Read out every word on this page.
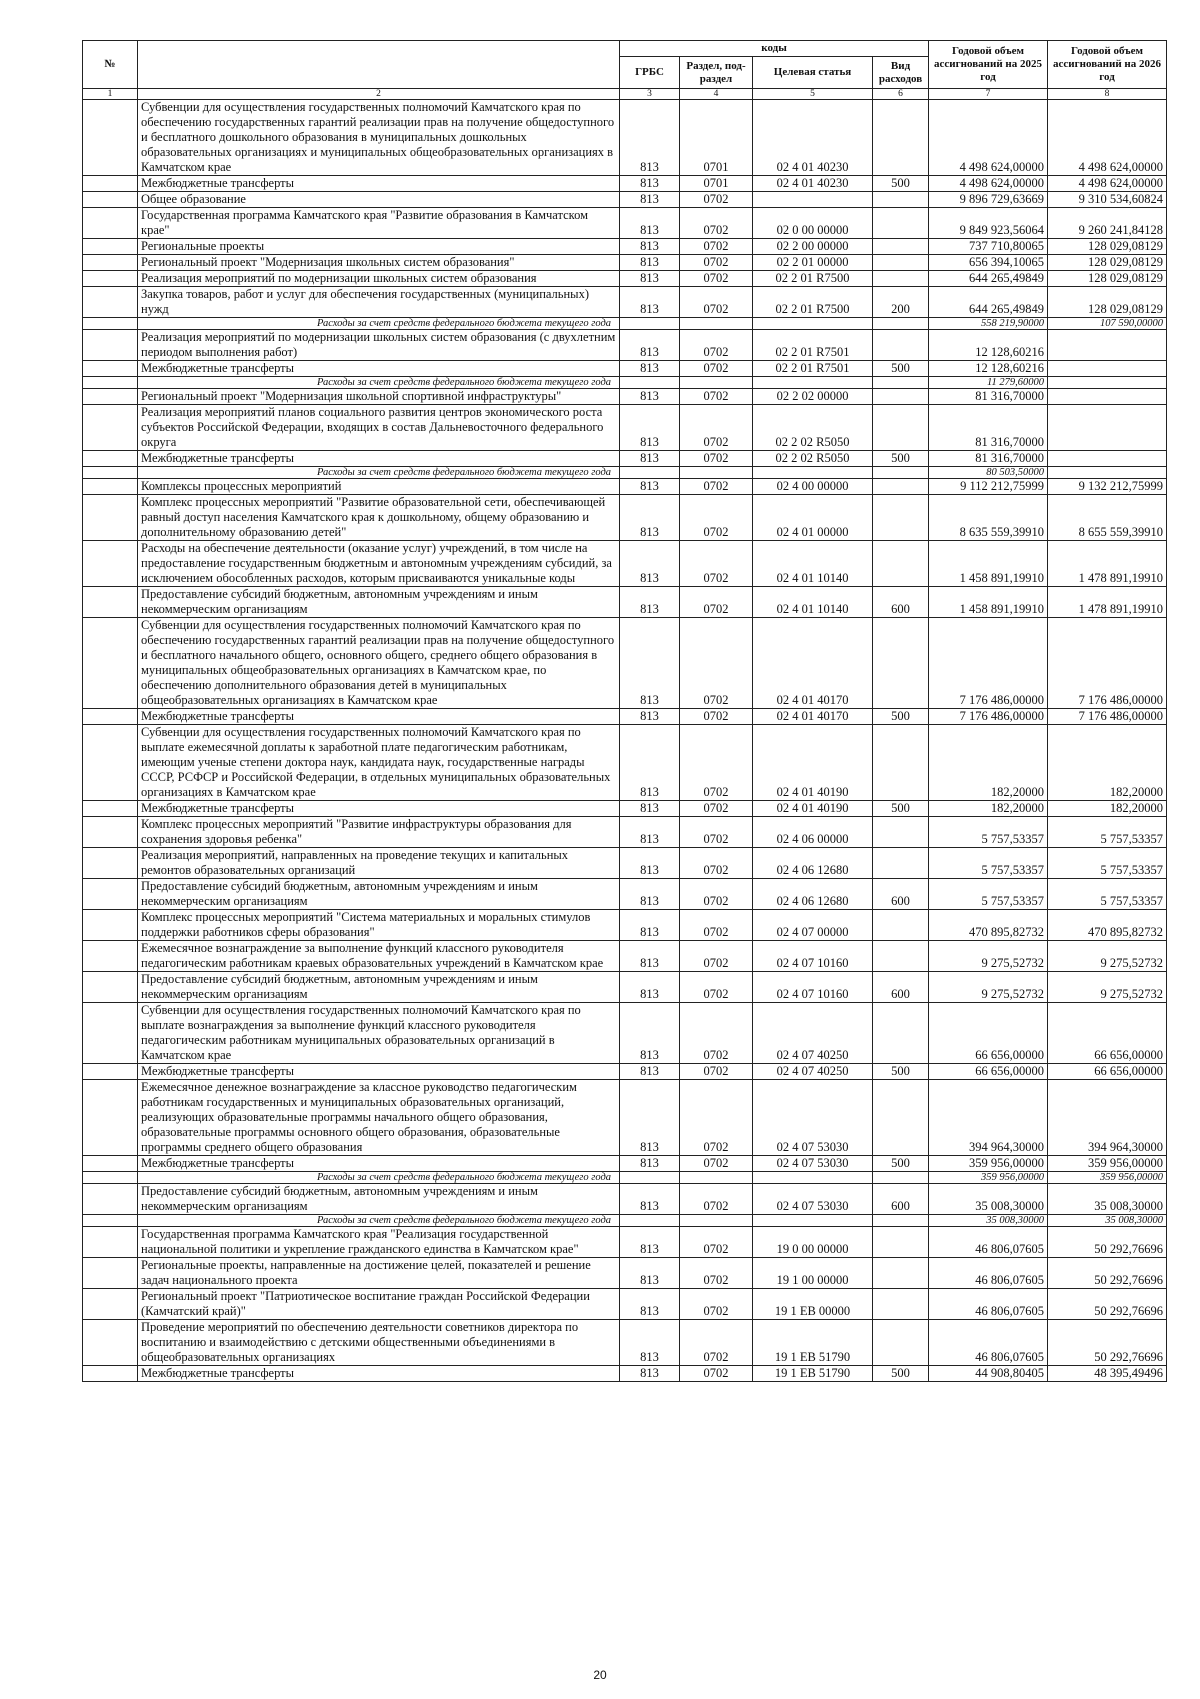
№		коды				Годовой объем ассигнований на 2025 год	Годовой объем ассигнований на 2026 год
		ГРБС	Раздел, под-раздел	Целевая статья	Вид расходов		
1	2	3	4	5	6	7	8
	Субвенции для осуществления государственных полномочий Камчатского края по обеспечению государственных гарантий реализации прав на получение общедоступного и бесплатного дошкольного образования в муниципальных дошкольных образовательных организациях и муниципальных общеобразовательных организациях в Камчатском крае	813	0701	02 4 01 40230		4 498 624,00000	4 498 624,00000
	Межбюджетные трансферты	813	0701	02 4 01 40230	500	4 498 624,00000	4 498 624,00000
	Общее образование	813	0702			9 896 729,63669	9 310 534,60824
	Государственная программа Камчатского края "Развитие образования в Камчатском крае"	813	0702	02 0 00 00000		9 849 923,56064	9 260 241,84128
	Региональные проекты	813	0702	02 2 00 00000		737 710,80065	128 029,08129
	Региональный проект "Модернизация школьных систем образования"	813	0702	02 2 01 00000		656 394,10065	128 029,08129
	Реализация мероприятий по модернизации школьных систем образования	813	0702	02 2 01 R7500		644 265,49849	128 029,08129
	Закупка товаров, работ и услуг для обеспечения государственных (муниципальных) нужд	813	0702	02 2 01 R7500	200	644 265,49849	128 029,08129
	Расходы за счет средств федерального бюджета текущего года					558 219,90000	107 590,00000
	Реализация мероприятий по модернизации школьных систем образования (с двухлетним периодом выполнения работ)	813	0702	02 2 01 R7501		12 128,60216	
	Межбюджетные трансферты	813	0702	02 2 01 R7501	500	12 128,60216	
	Расходы за счет средств федерального бюджета текущего года					11 279,60000	
	Региональный проект "Модернизация школьной спортивной инфраструктуры"	813	0702	02 2 02 00000		81 316,70000	
	Реализация мероприятий планов социального развития центров экономического роста субъектов Российской Федерации, входящих в состав Дальневосточного федерального округа	813	0702	02 2 02 R5050		81 316,70000	
	Межбюджетные трансферты	813	0702	02 2 02 R5050	500	81 316,70000	
	Расходы за счет средств федерального бюджета текущего года					80 503,50000	
	Комплексы процессных мероприятий	813	0702	02 4 00 00000		9 112 212,75999	9 132 212,75999
	Комплекс процессных мероприятий "Развитие образовательной сети, обеспечивающей равный доступ населения Камчатского края к дошкольному, общему образованию и дополнительному образованию детей"	813	0702	02 4 01 00000		8 635 559,39910	8 655 559,39910
	Расходы на обеспечение деятельности (оказание услуг) учреждений, в том числе на предоставление государственным бюджетным и автономным учреждениям субсидий, за исключением обособленных расходов, которым присваиваются уникальные коды	813	0702	02 4 01 10140		1 458 891,19910	1 478 891,19910
	Предоставление субсидий бюджетным, автономным учреждениям и иным некоммерческим организациям	813	0702	02 4 01 10140	600	1 458 891,19910	1 478 891,19910
	Субвенции для осуществления государственных полномочий Камчатского края по обеспечению государственных гарантий реализации прав на получение общедоступного и бесплатного начального общего, основного общего, среднего общего образования в муниципальных общеобразовательных организациях в Камчатском крае, по обеспечению дополнительного образования детей в муниципальных общеобразовательных организациях в Камчатском крае	813	0702	02 4 01 40170		7 176 486,00000	7 176 486,00000
	Межбюджетные трансферты	813	0702	02 4 01 40170	500	7 176 486,00000	7 176 486,00000
	Субвенции для осуществления государственных полномочий Камчатского края по выплате ежемесячной доплаты к заработной плате педагогическим работникам, имеющим ученые степени доктора наук, кандидата наук, государственные награды СССР, РСФСР и Российской Федерации, в отдельных муниципальных образовательных организациях в Камчатском крае	813	0702	02 4 01 40190		182,20000	182,20000
	Межбюджетные трансферты	813	0702	02 4 01 40190	500	182,20000	182,20000
	Комплекс процессных мероприятий "Развитие инфраструктуры образования для сохранения здоровья ребенка"	813	0702	02 4 06 00000		5 757,53357	5 757,53357
	Реализация мероприятий, направленных на проведение текущих и капитальных ремонтов образовательных организаций	813	0702	02 4 06 12680		5 757,53357	5 757,53357
	Предоставление субсидий бюджетным, автономным учреждениям и иным некоммерческим организациям	813	0702	02 4 06 12680	600	5 757,53357	5 757,53357
	Комплекс процессных мероприятий "Система материальных и моральных стимулов поддержки работников сферы образования"	813	0702	02 4 07 00000		470 895,82732	470 895,82732
	Ежемесячное вознаграждение за выполнение функций классного руководителя педагогическим работникам краевых образовательных учреждений в Камчатском крае	813	0702	02 4 07 10160		9 275,52732	9 275,52732
	Предоставление субсидий бюджетным, автономным учреждениям и иным некоммерческим организациям	813	0702	02 4 07 10160	600	9 275,52732	9 275,52732
	Субвенции для осуществления государственных полномочий Камчатского края по выплате вознаграждения за выполнение функций классного руководителя педагогическим работникам муниципальных образовательных организаций в Камчатском крае	813	0702	02 4 07 40250		66 656,00000	66 656,00000
	Межбюджетные трансферты	813	0702	02 4 07 40250	500	66 656,00000	66 656,00000
	Ежемесячное денежное вознаграждение за классное руководство педагогическим работникам государственных и муниципальных образовательных организаций, реализующих образовательные программы начального общего образования, образовательные программы основного общего образования, образовательные программы среднего общего образования	813	0702	02 4 07 53030		394 964,30000	394 964,30000
	Межбюджетные трансферты	813	0702	02 4 07 53030	500	359 956,00000	359 956,00000
	Расходы за счет средств федерального бюджета текущего года					359 956,00000	359 956,00000
	Предоставление субсидий бюджетным, автономным учреждениям и иным некоммерческим организациям	813	0702	02 4 07 53030	600	35 008,30000	35 008,30000
	Расходы за счет средств федерального бюджета текущего года					35 008,30000	35 008,30000
	Государственная программа Камчатского края "Реализация государственной национальной политики и укрепление гражданского единства в Камчатском крае"	813	0702	19 0 00 00000		46 806,07605	50 292,76696
	Региональные проекты, направленные на достижение целей, показателей и решение задач национального проекта	813	0702	19 1 00 00000		46 806,07605	50 292,76696
	Региональный проект "Патриотическое воспитание граждан Российской Федерации (Камчатский край)"	813	0702	19 1 ЕВ 00000		46 806,07605	50 292,76696
	Проведение мероприятий по обеспечению деятельности советников директора по воспитанию и взаимодействию с детскими общественными объединениями в общеобразовательных организациях	813	0702	19 1 ЕВ 51790		46 806,07605	50 292,76696
	Межбюджетные трансферты	813	0702	19 1 ЕВ 51790	500	44 908,80405	48 395,49496
20
